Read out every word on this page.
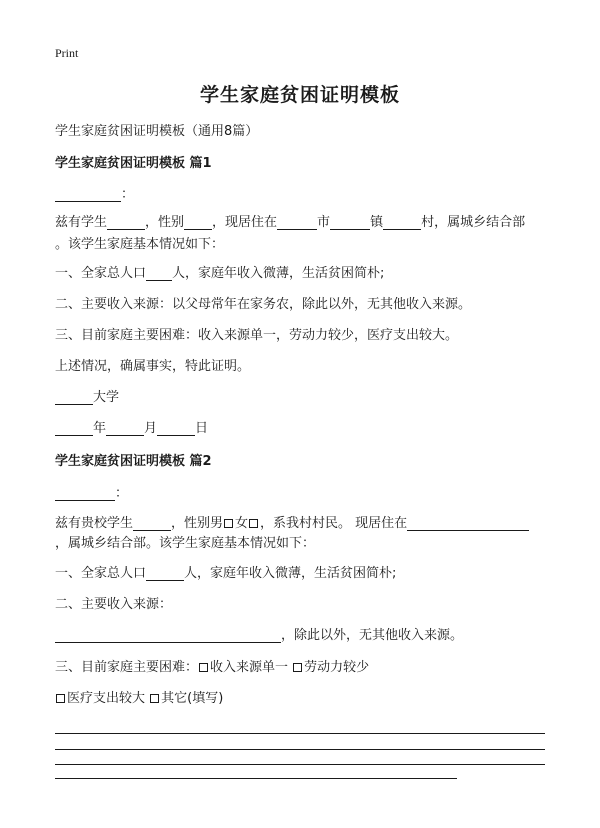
Print
学生家庭贫困证明模板
学生家庭贫困证明模板（通用8篇）
学生家庭贫困证明模板 篇1
：
兹有学生	，性别 ，现居住在	市	镇	村，属城乡结合部
。该学生家庭基本情况如下：
一、全家总人口 人，家庭年收入微薄，生活贫困简朴;
二、主要收入来源：以父母常年在家务农，除此以外，无其他收入来源。
三、目前家庭主要困难：收入来源单一，劳动力较少，医疗支出较大。
上述情况，确属事实，特此证明。
大学
年	月	日
学生家庭贫困证明模板 篇2
：
兹有贵校学生	，性别男 女 ，系我村村民。 现居住在
，属城乡结合部。该学生家庭基本情况如下：
一、全家总人口	人，家庭年收入微薄，生活贫困简朴;
二、主要收入来源：
，除此以外，无其他收入来源。
三、目前家庭主要困难： 收入来源单一 劳动力较少
医疗支出较大 其它(填写)
